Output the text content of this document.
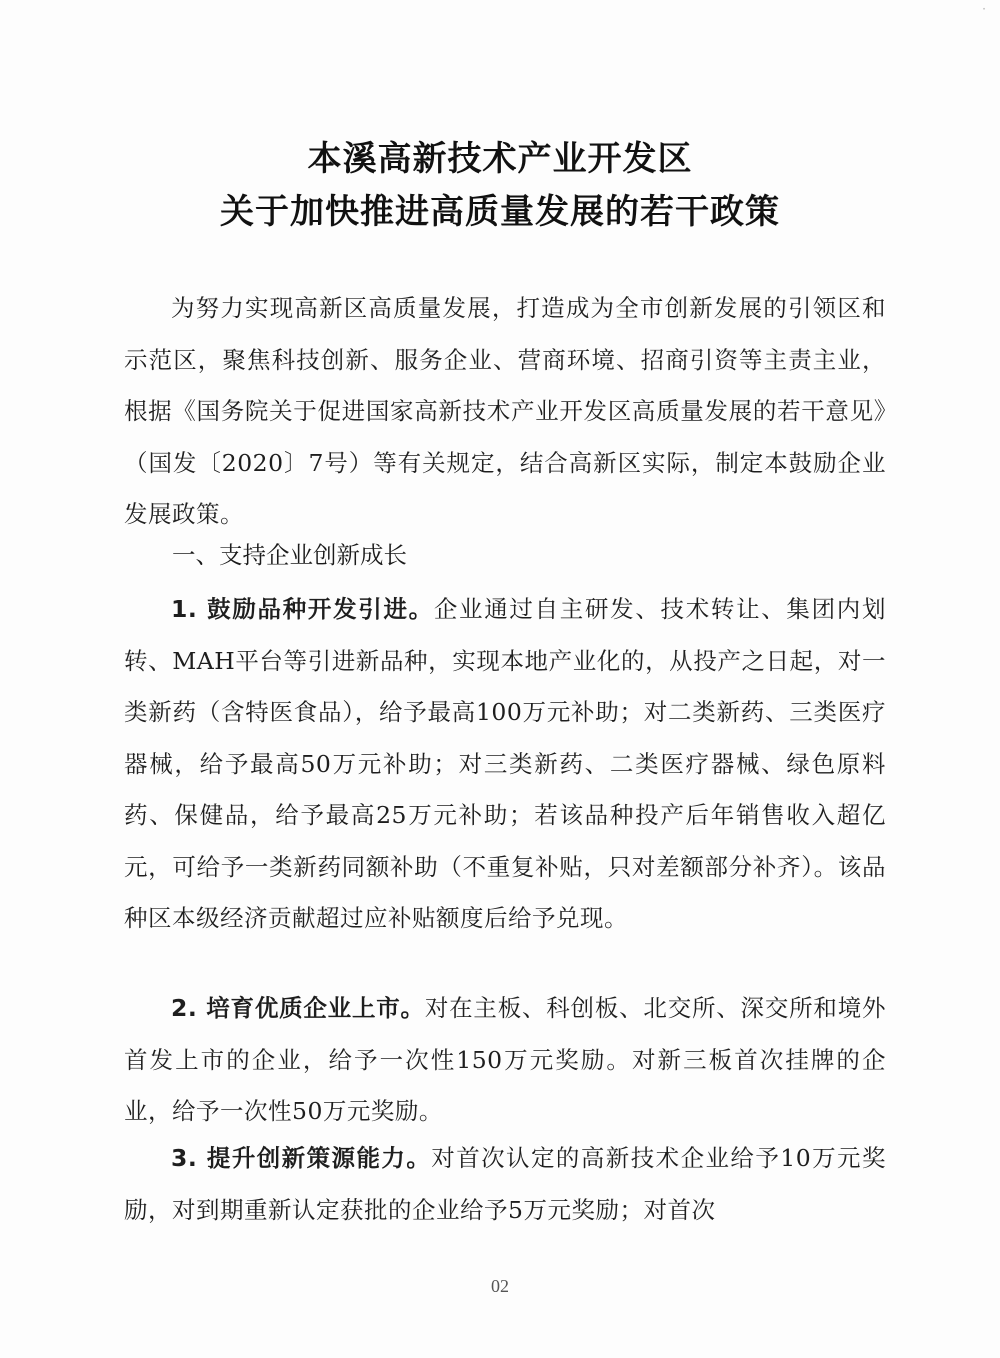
·
本溪高新技术产业开发区
关于加快推进高质量发展的若干政策

为努力实现高新区高质量发展，打造成为全市创新发展的引领区和示范区，聚焦科技创新、服务企业、营商环境、招商引资等主责主业，根据《国务院关于促进国家高新技术产业开发区高质量发展的若干意见》（国发〔2020〕7号）等有关规定，结合高新区实际，制定本鼓励企业发展政策。

一、支持企业创新成长

1. 鼓励品种开发引进。企业通过自主研发、技术转让、集团内划转、MAH平台等引进新品种，实现本地产业化的，从投产之日起，对一类新药（含特医食品），给予最高100万元补助；对二类新药、三类医疗器械，给予最高50万元补助；对三类新药、二类医疗器械、绿色原料药、保健品，给予最高25万元补助；若该品种投产后年销售收入超亿元，可给予一类新药同额补助（不重复补贴，只对差额部分补齐）。该品种区本级经济贡献超过应补贴额度后给予兑现。

2. 培育优质企业上市。对在主板、科创板、北交所、深交所和境外首发上市的企业，给予一次性150万元奖励。对新三板首次挂牌的企业，给予一次性50万元奖励。

3. 提升创新策源能力。对首次认定的高新技术企业给予10万元奖励，对到期重新认定获批的企业给予5万元奖励；对首次

02
